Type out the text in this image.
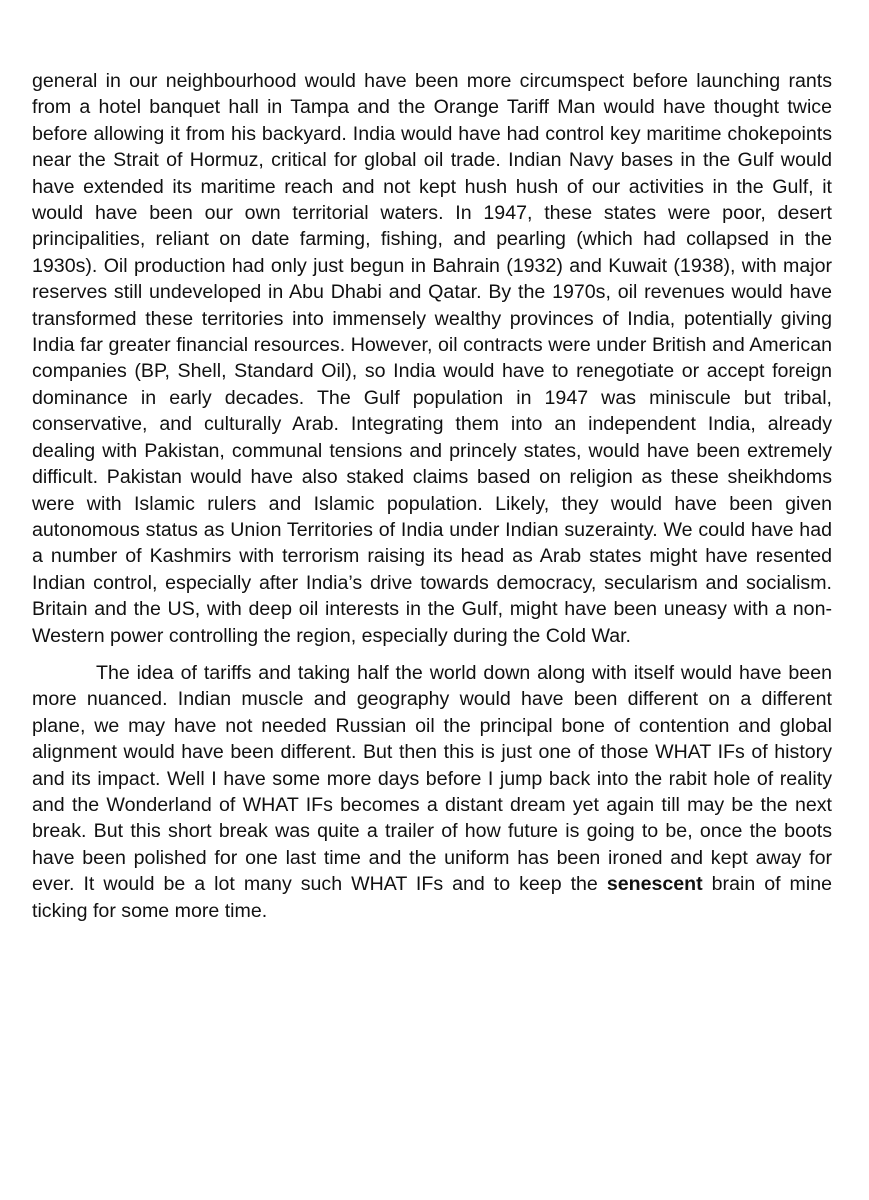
general in our neighbourhood would have been more circumspect before launching rants from a hotel banquet hall in Tampa and the Orange Tariff Man would have thought twice before allowing it from his backyard. India would have had control key maritime chokepoints near the Strait of Hormuz, critical for global oil trade. Indian Navy bases in the Gulf would have extended its maritime reach and not kept hush hush of our activities in the Gulf, it would have been our own territorial waters. In 1947, these states were poor, desert principalities, reliant on date farming, fishing, and pearling (which had collapsed in the 1930s). Oil production had only just begun in Bahrain (1932) and Kuwait (1938), with major reserves still undeveloped in Abu Dhabi and Qatar. By the 1970s, oil revenues would have transformed these territories into immensely wealthy provinces of India, potentially giving India far greater financial resources. However, oil contracts were under British and American companies (BP, Shell, Standard Oil), so India would have to renegotiate or accept foreign dominance in early decades. The Gulf population in 1947 was miniscule but tribal, conservative, and culturally Arab. Integrating them into an independent India, already dealing with Pakistan, communal tensions and princely states, would have been extremely difficult. Pakistan would have also staked claims based on religion as these sheikhdoms were with Islamic rulers and Islamic population. Likely, they would have been given autonomous status as Union Territories of India under Indian suzerainty. We could have had a number of Kashmirs with terrorism raising its head as Arab states might have resented Indian control, especially after India’s drive towards democracy, secularism and socialism. Britain and the US, with deep oil interests in the Gulf, might have been uneasy with a non-Western power controlling the region, especially during the Cold War.

The idea of tariffs and taking half the world down along with itself would have been more nuanced. Indian muscle and geography would have been different on a different plane, we may have not needed Russian oil the principal bone of contention and global alignment would have been different. But then this is just one of those WHAT IFs of history and its impact. Well I have some more days before I jump back into the rabit hole of reality and the Wonderland of WHAT IFs becomes a distant dream yet again till may be the next break. But this short break was quite a trailer of how future is going to be, once the boots have been polished for one last time and the uniform has been ironed and kept away for ever. It would be a lot many such WHAT IFs and to keep the senescent brain of mine ticking for some more time.
